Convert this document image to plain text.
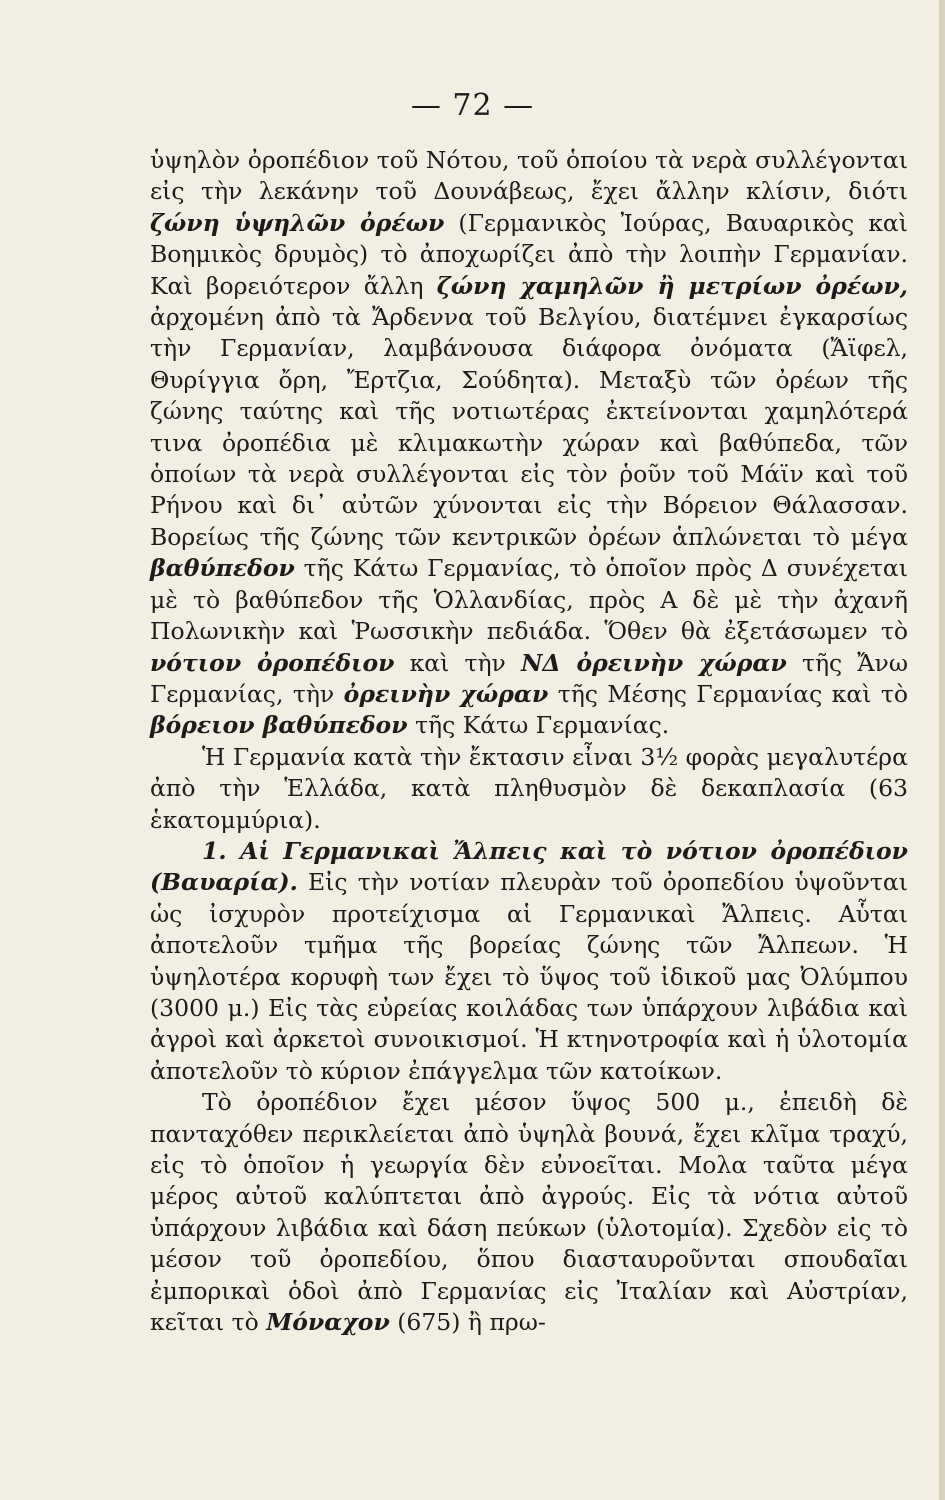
— 72 —

ὑψηλὸν ὀροπέδιον τοῦ Νότου, τοῦ ὁποίου τὰ νερὰ συλλέγονται εἰς τὴν λεκάνην τοῦ Δουνάβεως, ἔχει ἄλλην κλίσιν, διότι ζώνη ὑψηλῶν ὀρέων (Γερμανικὸς Ἰούρας, Βαυαρικὸς καὶ Βοημικὸς δρυμὸς) τὸ ἀποχωρίζει ἀπὸ τὴν λοιπὴν Γερμανίαν. Καὶ βορειότερον ἄλλη ζώνη χαμηλῶν ἢ μετρίων ὀρέων, ἀρχομένη ἀπὸ τὰ Ἄρδεννα τοῦ Βελγίου, διατέμνει ἐγκαρσίως τὴν Γερμανίαν, λαμβάνουσα διάφορα ὀνόματα (Ἄϊφελ, Θυρίγγια ὄρη, Ἔρτζια, Σούδητα). Μεταξὺ τῶν ὀρέων τῆς ζώνης ταύτης καὶ τῆς νοτιωτέρας ἐκτείνονται χαμηλότερά τινα ὀροπέδια μὲ κλιμακωτὴν χώραν καὶ βαθύπεδα, τῶν ὁποίων τὰ νερὰ συλλέγονται εἰς τὸν ῥοῦν τοῦ Μάϊν καὶ τοῦ Ρήνου καὶ δι᾽ αὐτῶν χύνονται εἰς τὴν Βόρειον Θάλασσαν. Βορείως τῆς ζώνης τῶν κεντρικῶν ὀρέων ἁπλώνεται τὸ μέγα βαθύπεδον τῆς Κάτω Γερμανίας, τὸ ὁποῖον πρὸς Δ συνέχεται μὲ τὸ βαθύπεδον τῆς Ὁλλανδίας, πρὸς Α δὲ μὲ τὴν ἀχανῆ Πολωνικὴν καὶ Ῥωσσικὴν πεδιάδα. Ὅθεν θὰ ἐξετάσωμεν τὸ νότιον ὀροπέδιον καὶ τὴν ΝΔ ὀρεινὴν χώραν τῆς Ἄνω Γερμανίας, τὴν ὀρεινὴν χώραν τῆς Μέσης Γερμανίας καὶ τὸ βόρειον βαθύπεδον τῆς Κάτω Γερμανίας.

Ἡ Γερμανία κατὰ τὴν ἔκτασιν εἶναι 3½ φορὰς μεγαλυτέρα ἀπὸ τὴν Ἑλλάδα, κατὰ πληθυσμὸν δὲ δεκαπλασία (63 ἑκατομμύρια).

1. Αἱ Γερμανικαὶ Ἄλπεις καὶ τὸ νότιον ὀροπέδιον (Βαυαρία). Εἰς τὴν νοτίαν πλευρὰν τοῦ ὀροπεδίου ὑψοῦνται ὡς ἰσχυρὸν προτείχισμα αἱ Γερμανικαὶ Ἄλπεις. Αὗται ἀποτελοῦν τμῆμα τῆς βορείας ζώνης τῶν Ἄλπεων. Ἡ ὑψηλοτέρα κορυφὴ των ἔχει τὸ ὕψος τοῦ ἰδικοῦ μας Ὀλύμπου (3000 μ.) Εἰς τὰς εὐρείας κοιλάδας των ὑπάρχουν λιβάδια καὶ ἀγροὶ καὶ ἀρκετοὶ συνοικισμοί. Ἡ κτηνοτροφία καὶ ἡ ὑλοτομία ἀποτελοῦν τὸ κύριον ἐπάγγελμα τῶν κατοίκων.

Τὸ ὀροπέδιον ἔχει μέσον ὕψος 500 μ., ἐπειδὴ δὲ πανταχόθεν περικλείεται ἀπὸ ὑψηλὰ βουνά, ἔχει κλῖμα τραχύ, εἰς τὸ ὁποῖον ἡ γεωργία δὲν εὐνοεῖται. Μολα ταῦτα μέγα μέρος αὐτοῦ καλύπτεται ἀπὸ ἀγρούς. Εἰς τὰ νότια αὐτοῦ ὑπάρχουν λιβάδια καὶ δάση πεύκων (ὑλοτομία). Σχεδὸν εἰς τὸ μέσον τοῦ ὀροπεδίου, ὅπου διασταυροῦνται σπουδαῖαι ἐμπορικαὶ ὁδοὶ ἀπὸ Γερμανίας εἰς Ἰταλίαν καὶ Αὐστρίαν, κεῖται τὸ Μόναχον (675) ἢ πρω-
